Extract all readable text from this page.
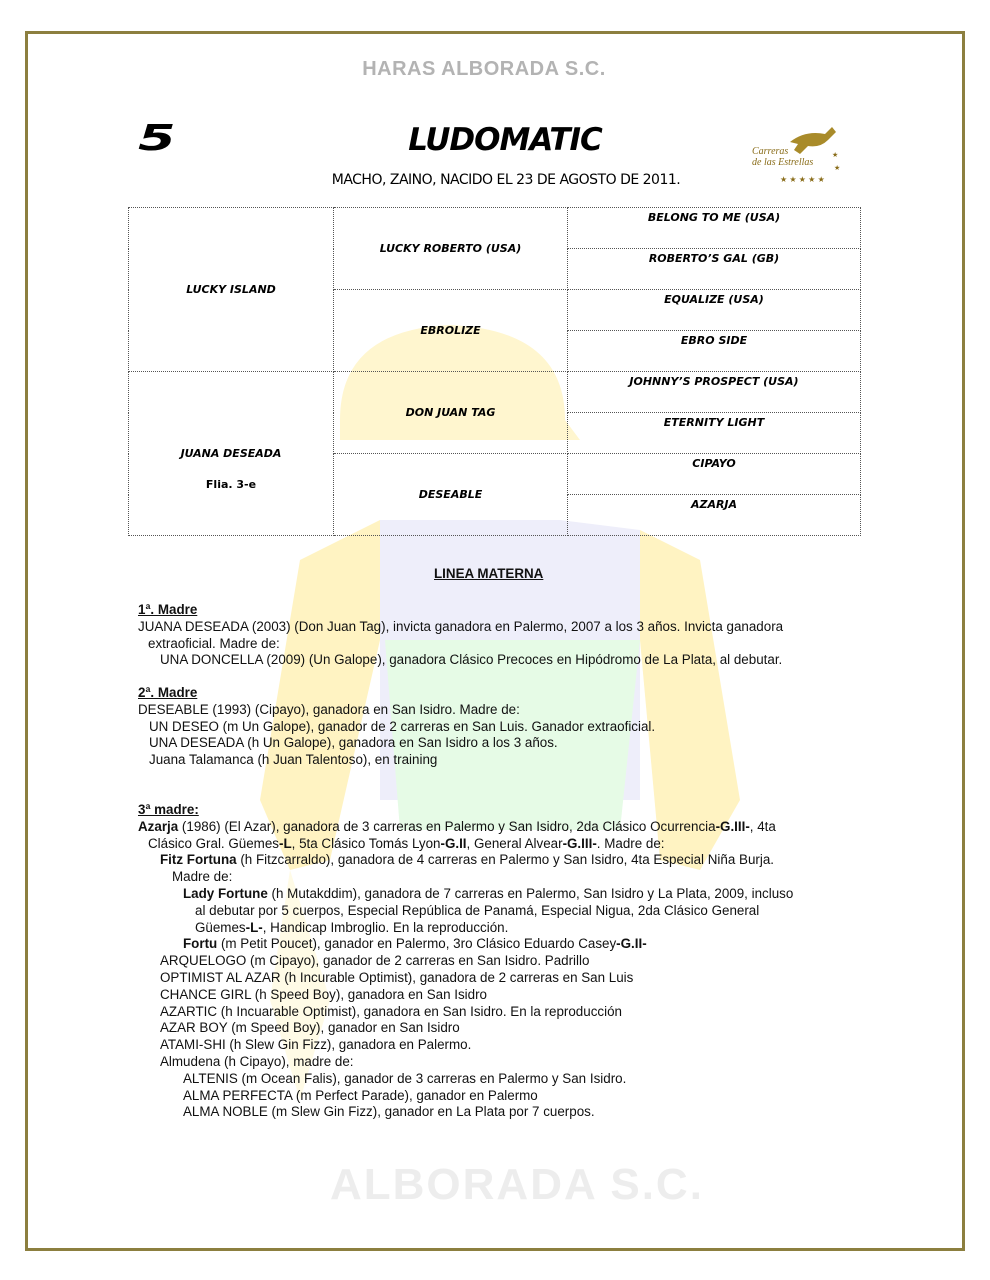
ALBORADA S.C.
HARAS ALBORADA S.C.
5	LUDOMATIC
MACHO, ZAINO, NACIDO EL 23 DE AGOSTO DE 2011.
Carreras
de las Estrellas
★ ★ ★ ★ ★
★
★
LUCKY ISLAND	LUCKY ROBERTO (USA)	BELONG TO ME (USA)
		ROBERTO’S GAL (GB)
	EBROLIZE	EQUALIZE (USA)
		EBRO SIDE

JUANA DESEADA
Flia. 3-e	DON JUAN TAG	JOHNNY’S PROSPECT (USA)
		ETERNITY LIGHT
	DESEABLE	CIPAYO
		AZARJA
LINEA MATERNA
1ª. Madre
JUANA DESEADA (2003) (Don Juan Tag), invicta ganadora en Palermo, 2007 a los 3 años. Invicta ganadora
extraoficial. Madre de:
UNA DONCELLA (2009) (Un Galope), ganadora Clásico Precoces en Hipódromo de La Plata, al debutar.
2ª. Madre
DESEABLE (1993) (Cipayo), ganadora en San Isidro. Madre de:
UN DESEO (m Un Galope), ganador de 2 carreras en San Luis. Ganador extraoficial.
UNA DESEADA (h Un Galope), ganadora en San Isidro a los 3 años.
Juana Talamanca (h Juan Talentoso), en training
3ª madre:
Azarja (1986) (El Azar), ganadora de 3 carreras en Palermo y San Isidro, 2da Clásico Ocurrencia-G.III-, 4ta
Clásico Gral. Güemes-L, 5ta Clásico Tomás Lyon-G.II, General Alvear-G.III-. Madre de:
Fitz Fortuna (h Fitzcarraldo), ganadora de 4 carreras en Palermo y San Isidro, 4ta Especial Niña Burja.
Madre de:
Lady Fortune (h Mutakddim), ganadora de 7 carreras en Palermo, San Isidro y La Plata, 2009, incluso
al debutar por 5 cuerpos, Especial República de Panamá, Especial Nigua, 2da Clásico General
Güemes-L-, Handicap Imbroglio. En la reproducción.
Fortu (m Petit Poucet), ganador en Palermo, 3ro Clásico Eduardo Casey-G.II-
ARQUELOGO (m Cipayo), ganador de 2 carreras en San Isidro. Padrillo
OPTIMIST AL AZAR (h Incurable Optimist), ganadora de 2 carreras en San Luis
CHANCE GIRL (h Speed Boy), ganadora en San Isidro
AZARTIC (h Incuarable Optimist), ganadora en San Isidro. En la reproducción
AZAR BOY (m Speed Boy), ganador en San Isidro
ATAMI-SHI (h Slew Gin Fizz), ganadora en Palermo.
Almudena (h Cipayo), madre de:
ALTENIS (m Ocean Falis), ganador de 3 carreras en Palermo y San Isidro.
ALMA PERFECTA (m Perfect Parade), ganador en Palermo
ALMA NOBLE (m Slew Gin Fizz), ganador en La Plata por 7 cuerpos.
